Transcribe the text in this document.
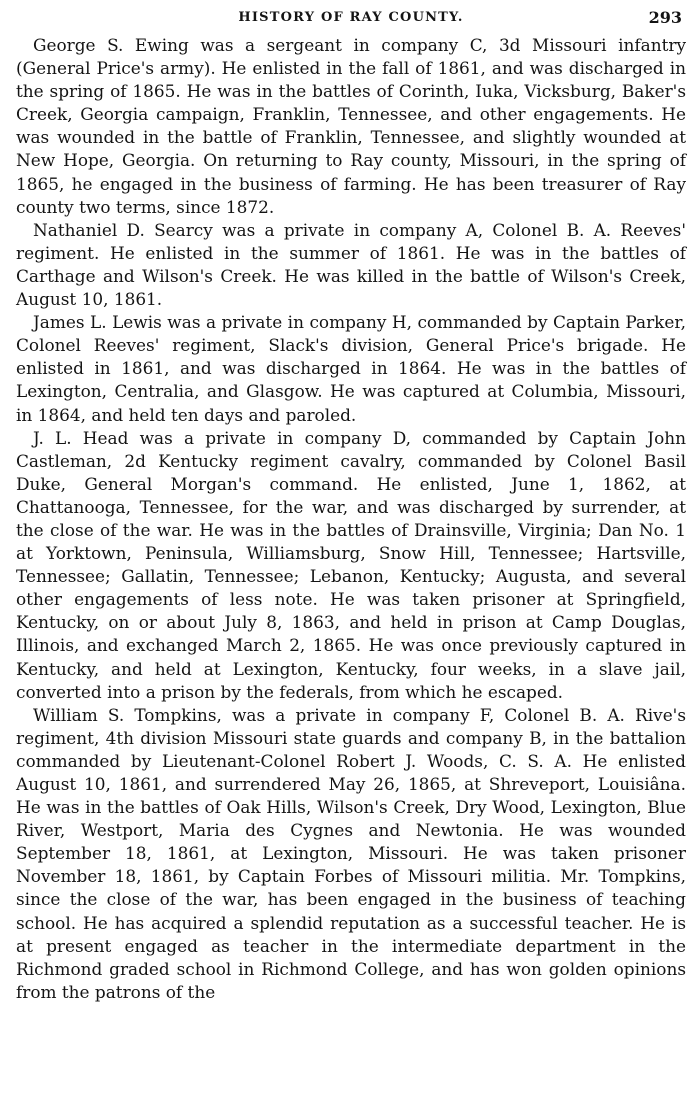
HISTORY OF RAY COUNTY.	293

George S. Ewing was a sergeant in company C, 3d Missouri infantry (General Price's army). He enlisted in the fall of 1861, and was discharged in the spring of 1865. He was in the battles of Corinth, Iuka, Vicksburg, Baker's Creek, Georgia campaign, Franklin, Tennessee, and other engagements. He was wounded in the battle of Franklin, Tennessee, and slightly wounded at New Hope, Georgia. On returning to Ray county, Missouri, in the spring of 1865, he engaged in the business of farming. He has been treasurer of Ray county two terms, since 1872.

Nathaniel D. Searcy was a private in company A, Colonel B. A. Reeves' regiment. He enlisted in the summer of 1861. He was in the battles of Carthage and Wilson's Creek. He was killed in the battle of Wilson's Creek, August 10, 1861.

James L. Lewis was a private in company H, commanded by Captain Parker, Colonel Reeves' regiment, Slack's division, General Price's brigade. He enlisted in 1861, and was discharged in 1864. He was in the battles of Lexington, Centralia, and Glasgow. He was captured at Columbia, Missouri, in 1864, and held ten days and paroled.

J. L. Head was a private in company D, commanded by Captain John Castleman, 2d Kentucky regiment cavalry, commanded by Colonel Basil Duke, General Morgan's command. He enlisted, June 1, 1862, at Chattanooga, Tennessee, for the war, and was discharged by surrender, at the close of the war. He was in the battles of Drainsville, Virginia; Dan No. 1 at Yorktown, Peninsula, Williamsburg, Snow Hill, Tennessee; Hartsville, Tennessee; Gallatin, Tennessee; Lebanon, Kentucky; Augusta, and several other engagements of less note. He was taken prisoner at Springfield, Kentucky, on or about July 8, 1863, and held in prison at Camp Douglas, Illinois, and exchanged March 2, 1865. He was once previously captured in Kentucky, and held at Lexington, Kentucky, four weeks, in a slave jail, converted into a prison by the federals, from which he escaped.

William S. Tompkins, was a private in company F, Colonel B. A. Rive's regiment, 4th division Missouri state guards and company B, in the battalion commanded by Lieutenant-Colonel Robert J. Woods, C. S. A. He enlisted August 10, 1861, and surrendered May 26, 1865, at Shreveport, Louisiâna. He was in the battles of Oak Hills, Wilson's Creek, Dry Wood, Lexington, Blue River, Westport, Maria des Cygnes and Newtonia. He was wounded September 18, 1861, at Lexington, Missouri. He was taken prisoner November 18, 1861, by Captain Forbes of Missouri militia. Mr. Tompkins, since the close of the war, has been engaged in the business of teaching school. He has acquired a splendid reputation as a successful teacher. He is at present engaged as teacher in the intermediate department in the Richmond graded school in Richmond College, and has won golden opinions from the patrons of the
